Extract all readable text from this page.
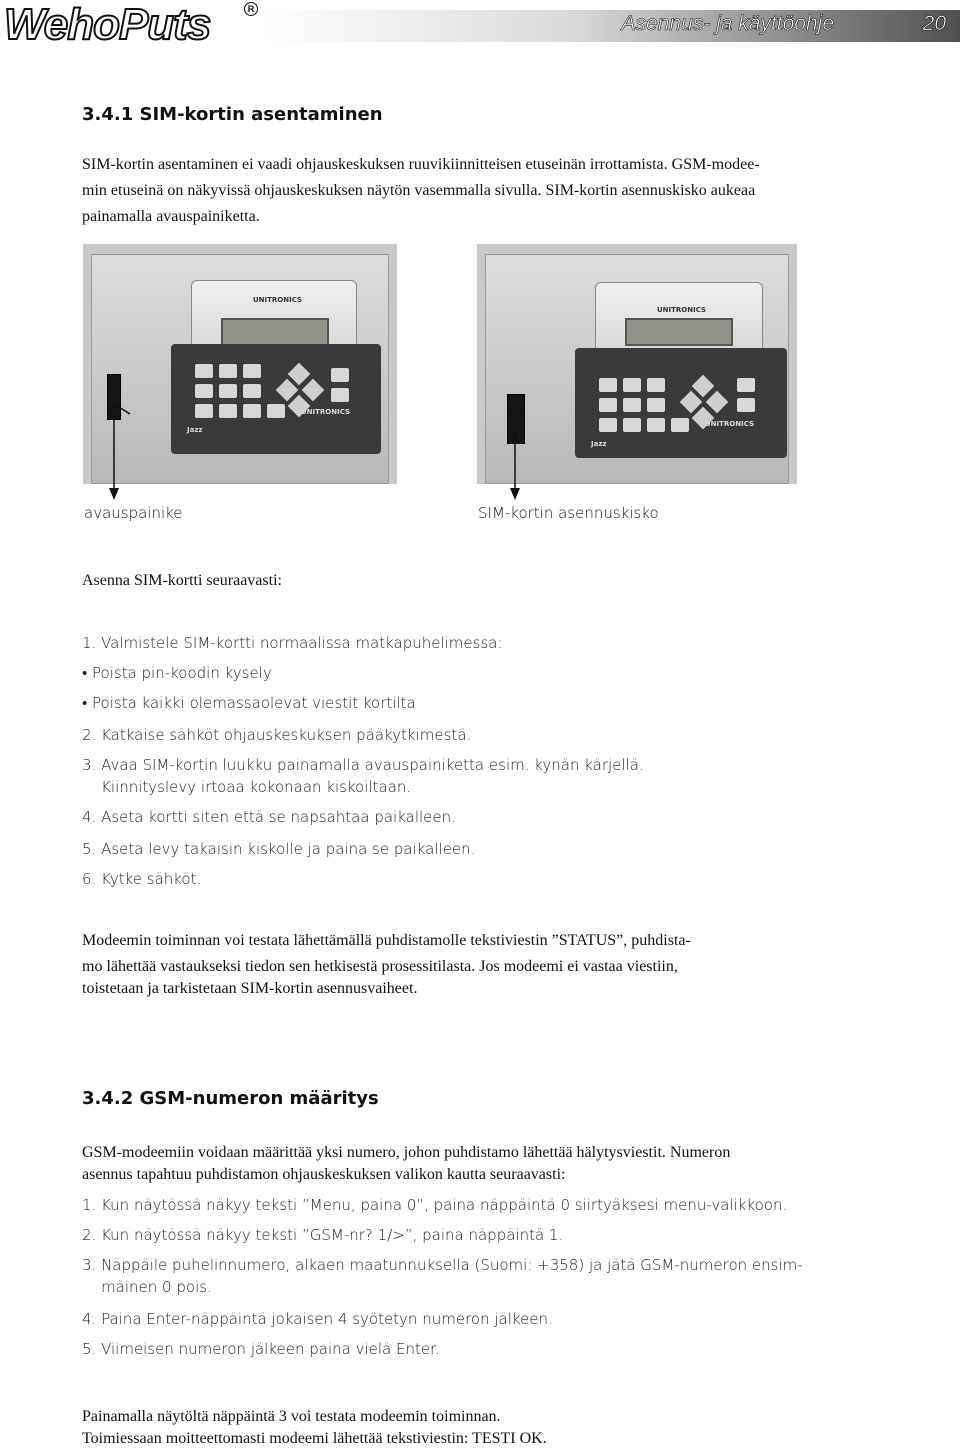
WehoPuts	R
Asennus- ja käyttöohje	20
3.4.1 SIM-kortin asentaminen

SIM-kortin asentaminen ei vaadi ohjauskeskuksen ruuvikiinnitteisen etuseinän irrottamista. GSM-modee-

min etuseinä on näkyvissä ohjauskeskuksen näytön vasemmalla sivulla. SIM-kortin asennuskisko aukeaa

painamalla avauspainiketta.

UNITRONICS
Jazz
UNITRONICS
UNITRONICS
Jazz
UNITRONICS
avauspainike	SIM-kortin asennuskisko

Asenna SIM-kortti seuraavasti:

1. Valmistele SIM-kortti normaalissa matkapuhelimessa:

• Poista pin-koodin kysely

• Poista kaikki olemassaolevat viestit kortilta

2. Katkaise sähköt ohjauskeskuksen pääkytkimestä.

3. Avaa SIM-kortin luukku painamalla avauspainiketta esim. kynän kärjellä.

Kiinnityslevy irtoaa kokonaan kiskoiltaan.

4. Aseta kortti siten että se napsahtaa paikalleen.

5. Aseta levy takaisin kiskolle ja paina se paikalleen.

6. Kytke sähköt.

Modeemin toiminnan voi testata lähettämällä puhdistamolle tekstiviestin ”STATUS”, puhdista-

mo lähettää vastaukseksi tiedon sen hetkisestä prosessitilasta. Jos modeemi ei vastaa viestiin,

toistetaan ja tarkistetaan SIM-kortin asennusvaiheet.

3.4.2 GSM-numeron määritys

GSM-modeemiin voidaan määrittää yksi numero, johon puhdistamo lähettää hälytysviestit. Numeron

asennus tapahtuu puhdistamon ohjauskeskuksen valikon kautta seuraavasti:

1. Kun näytössä näkyy teksti ”Menu, paina 0”, paina näppäintä 0 siirtyäksesi menu-valikkoon.

2. Kun näytössä näkyy teksti ”GSM-nr? 1/>”, paina näppäintä 1.

3. Näppäile puhelinnumero, alkaen maatunnuksella (Suomi: +358) ja jätä GSM-numeron ensim-

mäinen 0 pois.

4. Paina Enter-näppäintä jokaisen 4 syötetyn numeron jälkeen.

5. Viimeisen numeron jälkeen paina vielä Enter.

Painamalla näytöltä näppäintä 3 voi testata modeemin toiminnan.

Toimiessaan moitteettomasti modeemi lähettää tekstiviestin: TESTI OK.
